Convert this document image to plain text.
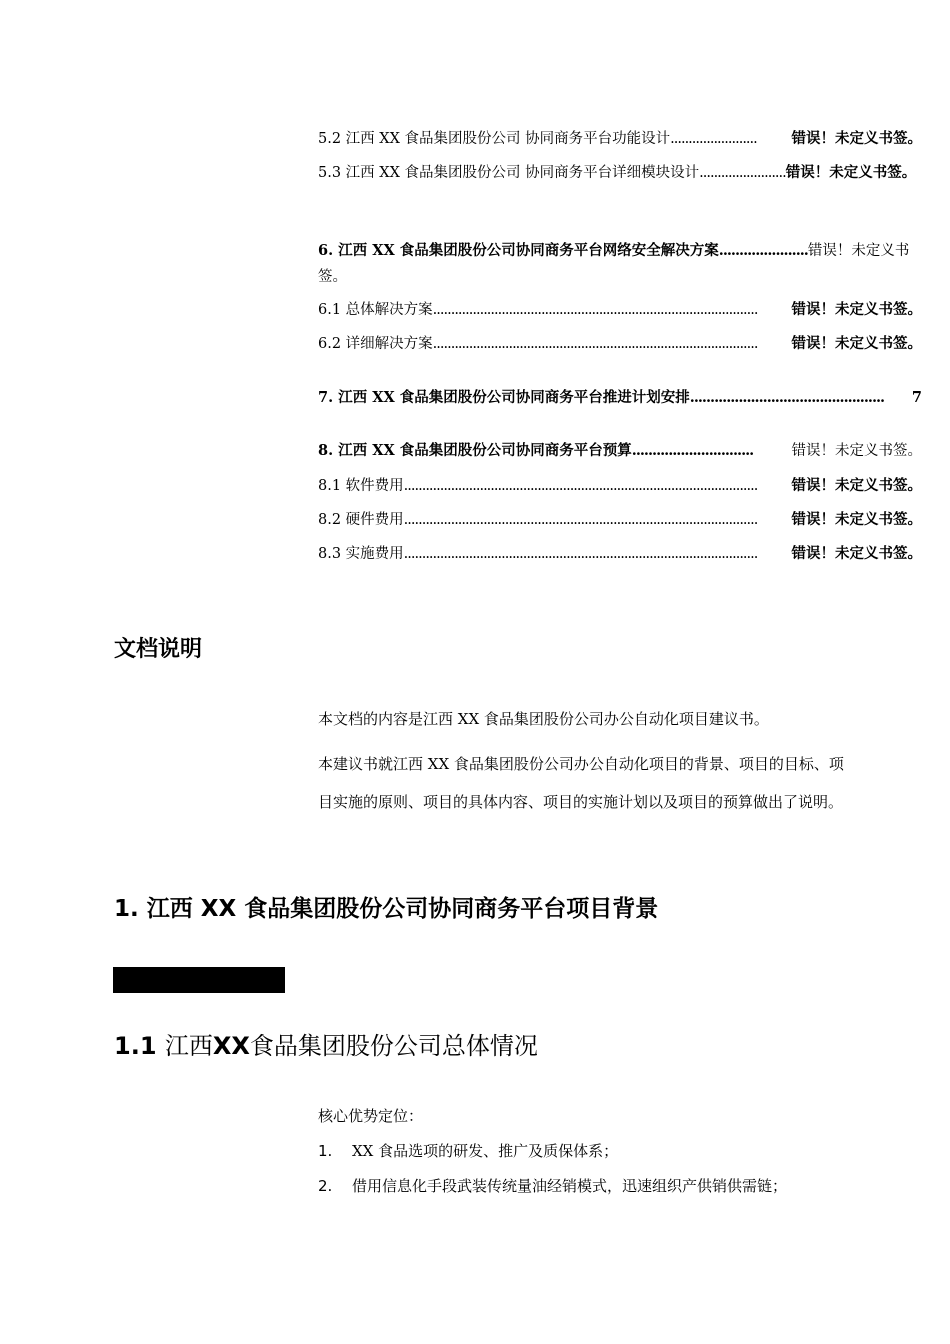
5.2 江西 XX 食品集团股份公司 协同商务平台功能设计........................ 错误！未定义书签。
5.3 江西 XX 食品集团股份公司 协同商务平台详细模块设计........................错误！未定义书签。
6. 江西 XX 食品集团股份公司协同商务平台网络安全解决方案......................错误！未定义书签。
6.1 总体解决方案.......................................................................................... 错误！未定义书签。
6.2 详细解决方案.......................................................................................... 错误！未定义书签。
7. 江西 XX 食品集团股份公司协同商务平台推进计划安排................................................ 7
8. 江西 XX 食品集团股份公司协同商务平台预算..............................	错误！未定义书签。
8.1 软件费用.................................................................................................. 错误！未定义书签。
8.2 硬件费用.................................................................................................. 错误！未定义书签。
8.3 实施费用.................................................................................................. 错误！未定义书签。
文档说明
本文档的内容是江西 XX 食品集团股份公司办公自动化项目建议书。
本建议书就江西 XX 食品集团股份公司办公自动化项目的背景、项目的目标、项目实施的原则、项目的具体内容、项目的实施计划以及项目的预算做出了说明。
1. 江西 XX 食品集团股份公司协同商务平台项目背景
1.1 江西XX食品集团股份公司总体情况
核心优势定位：
1. XX 食品选项的研发、推广及质保体系；
2. 借用信息化手段武装传统量油经销模式，迅速组织产供销供需链；
